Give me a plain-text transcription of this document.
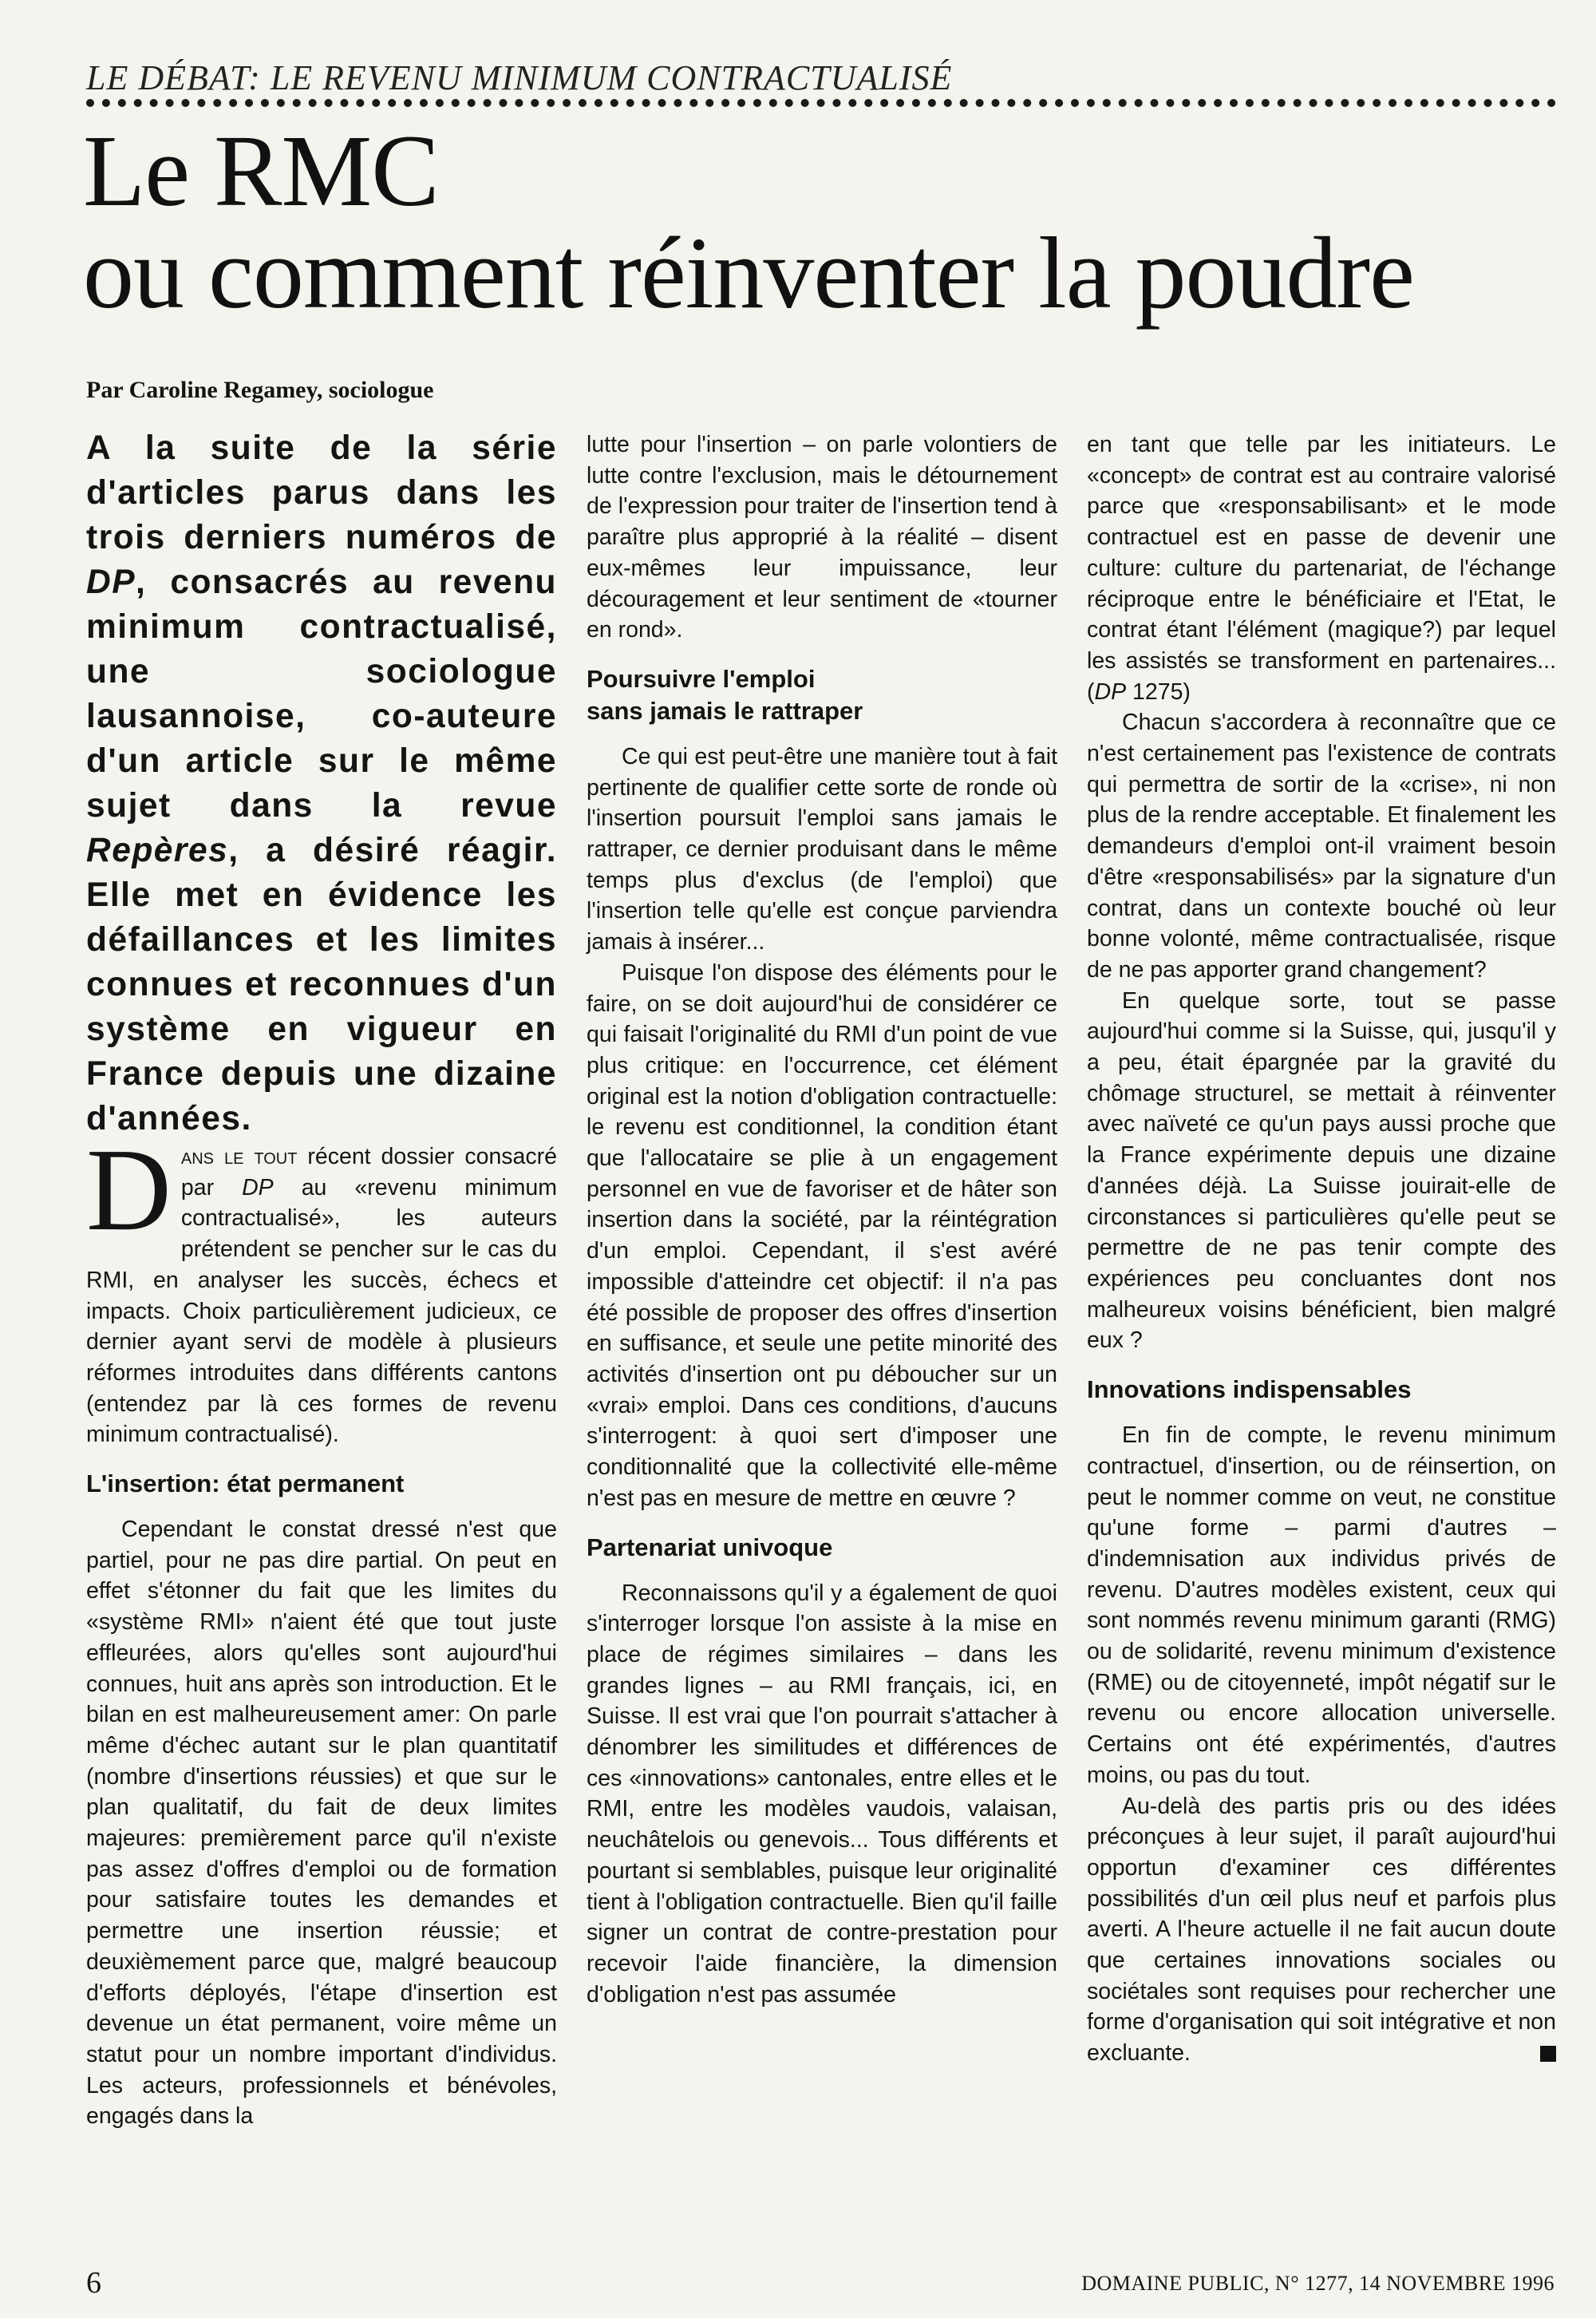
LE DÉBAT: LE REVENU MINIMUM CONTRACTUALISÉ
Le RMC
ou comment réinventer la poudre
Par Caroline Regamey, sociologue
A la suite de la série d'articles parus dans les trois derniers numéros de DP, consacrés au revenu minimum contractualisé, une sociologue lausannoise, co-auteure d'un article sur le même sujet dans la revue Repères, a désiré réagir. Elle met en évidence les défaillances et les limites connues et reconnues d'un système en vigueur en France depuis une dizaine d'années.

Dans le tout récent dossier consacré par DP au «revenu minimum contractualisé», les auteurs prétendent se pencher sur le cas du RMI, en analyser les succès, échecs et impacts. Choix particulièrement judicieux, ce dernier ayant servi de modèle à plusieurs réformes introduites dans différents cantons (entendez par là ces formes de revenu minimum contractualisé).

L'insertion: état permanent

Cependant le constat dressé n'est que partiel, pour ne pas dire partial. On peut en effet s'étonner du fait que les limites du «système RMI» n'aient été que tout juste effleurées, alors qu'elles sont aujourd'hui connues, huit ans après son introduction. Et le bilan en est malheureusement amer: On parle même d'échec autant sur le plan quantitatif (nombre d'insertions réussies) et que sur le plan qualitatif, du fait de deux limites majeures: premièrement parce qu'il n'existe pas assez d'offres d'emploi ou de formation pour satisfaire toutes les demandes et permettre une insertion réussie; et deuxièmement parce que, malgré beaucoup d'efforts déployés, l'étape d'insertion est devenue un état permanent, voire même un statut pour un nombre important d'individus. Les acteurs, professionnels et bénévoles, engagés dans la

lutte pour l'insertion – on parle volontiers de lutte contre l'exclusion, mais le détournement de l'expression pour traiter de l'insertion tend à paraître plus approprié à la réalité – disent eux-mêmes leur impuissance, leur découragement et leur sentiment de «tourner en rond».

Poursuivre l'emploi
sans jamais le rattraper

Ce qui est peut-être une manière tout à fait pertinente de qualifier cette sorte de ronde où l'insertion poursuit l'emploi sans jamais le rattraper, ce dernier produisant dans le même temps plus d'exclus (de l'emploi) que l'insertion telle qu'elle est conçue parviendra jamais à insérer...

Puisque l'on dispose des éléments pour le faire, on se doit aujourd'hui de considérer ce qui faisait l'originalité du RMI d'un point de vue plus critique: en l'occurrence, cet élément original est la notion d'obligation contractuelle: le revenu est conditionnel, la condition étant que l'allocataire se plie à un engagement personnel en vue de favoriser et de hâter son insertion dans la société, par la réintégration d'un emploi. Cependant, il s'est avéré impossible d'atteindre cet objectif: il n'a pas été possible de proposer des offres d'insertion en suffisance, et seule une petite minorité des activités d'insertion ont pu déboucher sur un «vrai» emploi. Dans ces conditions, d'aucuns s'interrogent: à quoi sert d'imposer une conditionnalité que la collectivité elle-même n'est pas en mesure de mettre en œuvre ?

Partenariat univoque

Reconnaissons qu'il y a également de quoi s'interroger lorsque l'on assiste à la mise en place de régimes similaires – dans les grandes lignes – au RMI français, ici, en Suisse. Il est vrai que l'on pourrait s'attacher à dénombrer les similitudes et différences de ces «innovations» cantonales, entre elles et le RMI, entre les modèles vaudois, valaisan, neuchâtelois ou genevois... Tous différents et pourtant si semblables, puisque leur originalité tient à l'obligation contractuelle. Bien qu'il faille signer un contrat de contre-prestation pour recevoir l'aide financière, la dimension d'obligation n'est pas assumée

en tant que telle par les initiateurs. Le «concept» de contrat est au contraire valorisé parce que «responsabilisant» et le mode contractuel est en passe de devenir une culture: culture du partenariat, de l'échange réciproque entre le bénéficiaire et l'Etat, le contrat étant l'élément (magique?) par lequel les assistés se transforment en partenaires... (DP 1275)

Chacun s'accordera à reconnaître que ce n'est certainement pas l'existence de contrats qui permettra de sortir de la «crise», ni non plus de la rendre acceptable. Et finalement les demandeurs d'emploi ont-il vraiment besoin d'être «responsabilisés» par la signature d'un contrat, dans un contexte bouché où leur bonne volonté, même contractualisée, risque de ne pas apporter grand changement?

En quelque sorte, tout se passe aujourd'hui comme si la Suisse, qui, jusqu'il y a peu, était épargnée par la gravité du chômage structurel, se mettait à réinventer avec naïveté ce qu'un pays aussi proche que la France expérimente depuis une dizaine d'années déjà. La Suisse jouirait-elle de circonstances si particulières qu'elle peut se permettre de ne pas tenir compte des expériences peu concluantes dont nos malheureux voisins bénéficient, bien malgré eux ?

Innovations indispensables

En fin de compte, le revenu minimum contractuel, d'insertion, ou de réinsertion, on peut le nommer comme on veut, ne constitue qu'une forme – parmi d'autres – d'indemnisation aux individus privés de revenu. D'autres modèles existent, ceux qui sont nommés revenu minimum garanti (RMG) ou de solidarité, revenu minimum d'existence (RME) ou de citoyenneté, impôt négatif sur le revenu ou encore allocation universelle. Certains ont été expérimentés, d'autres moins, ou pas du tout.

Au-delà des partis pris ou des idées préconçues à leur sujet, il paraît aujourd'hui opportun d'examiner ces différentes possibilités d'un œil plus neuf et parfois plus averti. A l'heure actuelle il ne fait aucun doute que certaines innovations sociales ou sociétales sont requises pour rechercher une forme d'organisation qui soit intégrative et non excluante.

6	DOMAINE PUBLIC, N° 1277, 14 NOVEMBRE 1996
